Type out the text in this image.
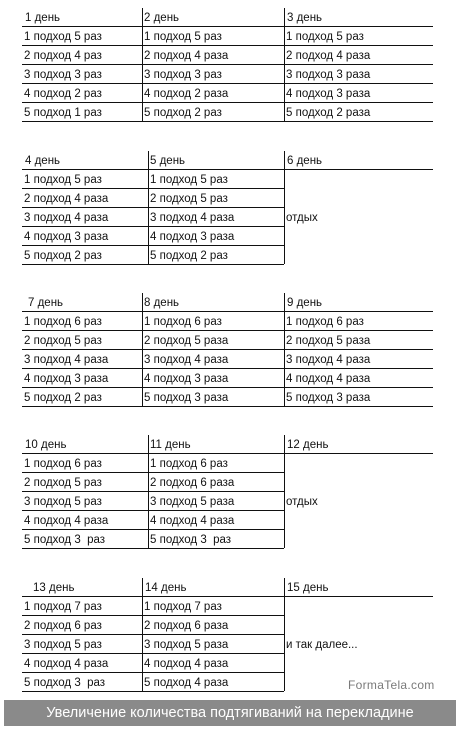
1 день
1 подход 5 раз
2 подход 4 раз
3 подход 3 раз
4 подход 2 раз
5 подход 1 раз
2 день
1 подход 5 раз
2 подход 4 раза
3 подход 3 раз
4 подход 2 раза
5 подход 2 раз
3 день
1 подход 5 раз
2 подход 4 раза
3 подход 3 раза
4 подход 3 раза
5 подход 2 раза
4 день
1 подход 5 раз
2 подход 4 раза
3 подход 4 раза
4 подход 3 раза
5 подход 2 раз
5 день
1 подход 5 раз
2 подход 5 раз
3 подход 4 раза
4 подход 3 раза
5 подход 2 раз
6 день
отдых
7 день
1 подход 6 раз
2 подход 5 раз
3 подход 4 раза
4 подход 3 раза
5 подход 2 раз
8 день
1 подход 6 раз
2 подход 5 раза
3 подход 4 раза
4 подход 3 раза
5 подход 3 раза
9 день
1 подход 6 раз
2 подход 5 раза
3 подход 4 раза
4 подход 4 раза
5 подход 3 раза
10 день
1 подход 6 раз
2 подход 5 раз
3 подход 5 раз
4 подход 4 раза
5 подход 3  раз
11 день
1 подход 6 раз
2 подход 6 раза
3 подход 5 раза
4 подход 4 раза
5 подход 3  раз
12 день
отдых
13 день
1 подход 7 раз
2 подход 6 раз
3 подход 5 раз
4 подход 4 раза
5 подход 3  раз
14 день
1 подход 7 раз
2 подход 6 раза
3 подход 5 раза
4 подход 4 раза
5 подход 4 раза
15 день
и так далее...
FormaTela.com
Увеличение количества подтягиваний на перекладине
